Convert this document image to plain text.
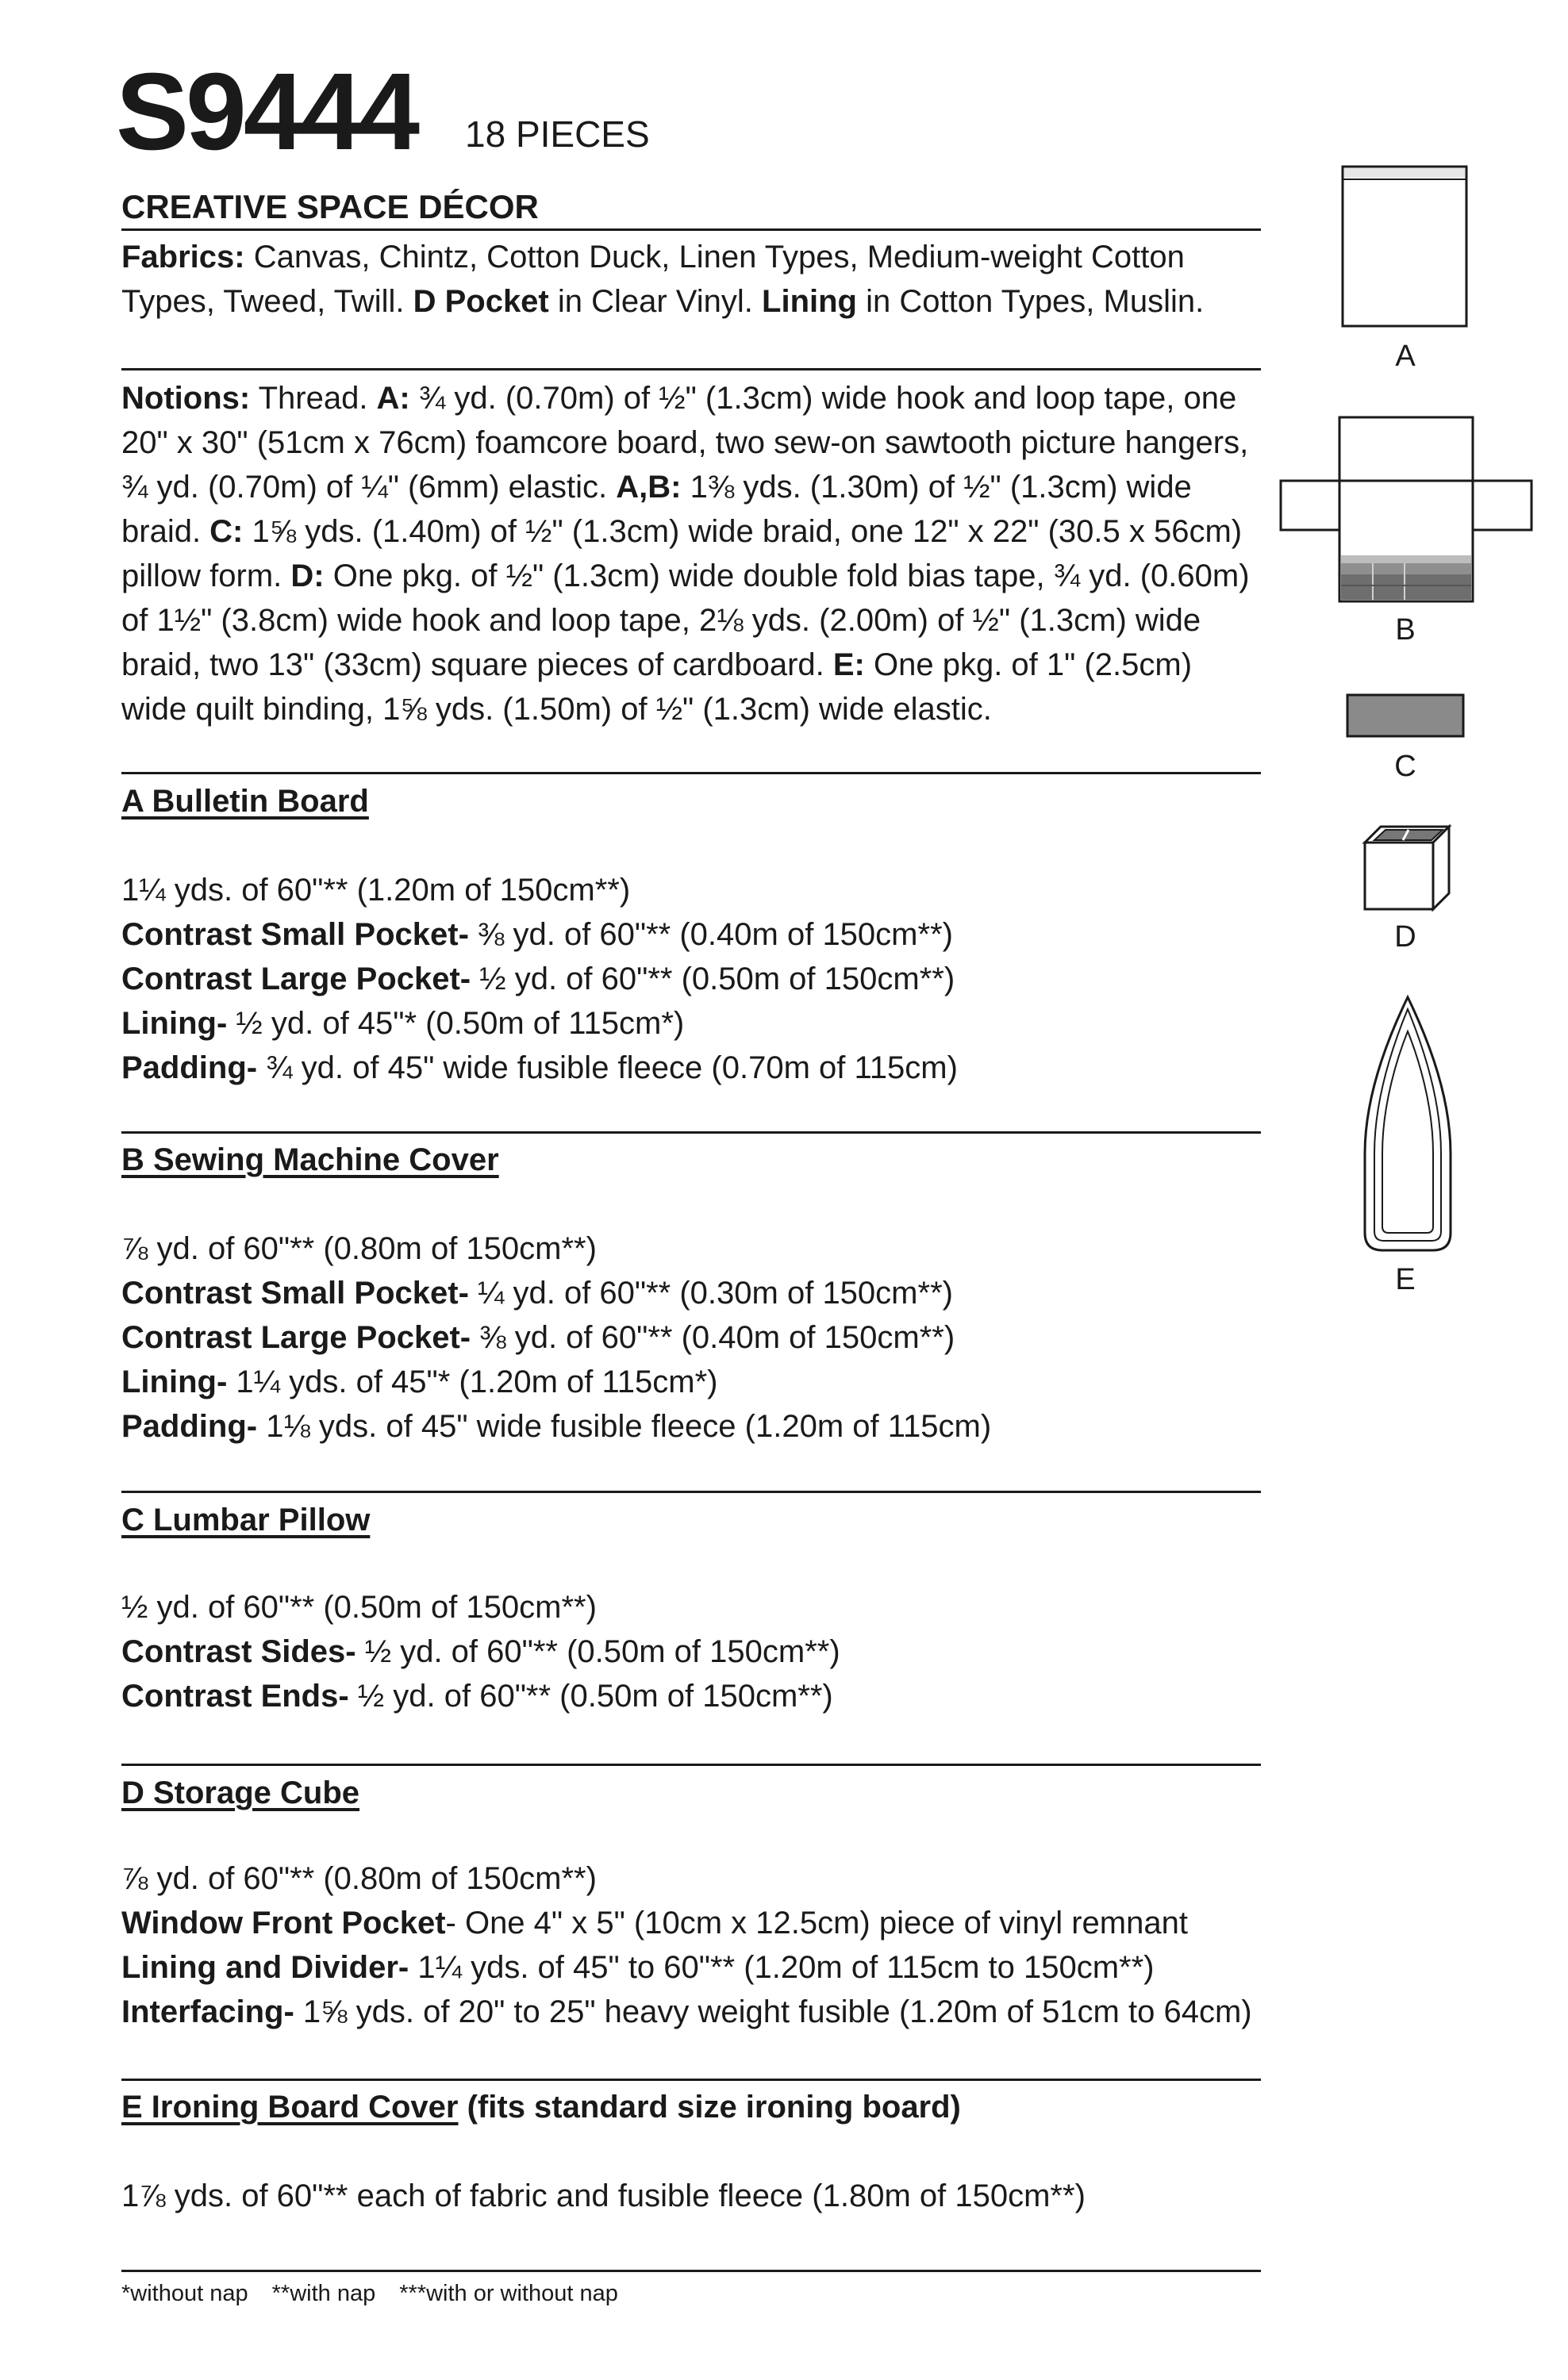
S9444 18 PIECES
CREATIVE SPACE DÉCOR
Fabrics: Canvas, Chintz, Cotton Duck, Linen Types, Medium-weight Cotton Types, Tweed, Twill. D Pocket in Clear Vinyl. Lining in Cotton Types, Muslin.
Notions: Thread. A: ¾ yd. (0.70m) of ½" (1.3cm) wide hook and loop tape, one 20" x 30" (51cm x 76cm) foamcore board, two sew-on sawtooth picture hangers, ¾ yd. (0.70m) of ¼" (6mm) elastic. A,B: 1⅜ yds. (1.30m) of ½" (1.3cm) wide braid. C: 1⅝ yds. (1.40m) of ½" (1.3cm) wide braid, one 12" x 22" (30.5 x 56cm) pillow form. D: One pkg. of ½" (1.3cm) wide double fold bias tape, ¾ yd. (0.60m) of 1½" (3.8cm) wide hook and loop tape, 2⅛ yds. (2.00m) of ½" (1.3cm) wide braid, two 13" (33cm) square pieces of cardboard. E: One pkg. of 1" (2.5cm) wide quilt binding, 1⅝ yds. (1.50m) of ½" (1.3cm) wide elastic.
A Bulletin Board
1¼ yds. of 60"** (1.20m of 150cm**)
Contrast Small Pocket- ⅜ yd. of 60"** (0.40m of 150cm**)
Contrast Large Pocket- ½ yd. of 60"** (0.50m of 150cm**)
Lining- ½ yd. of 45"* (0.50m of 115cm*)
Padding- ¾ yd. of 45" wide fusible fleece (0.70m of 115cm)
B Sewing Machine Cover
⅞ yd. of 60"** (0.80m of 150cm**)
Contrast Small Pocket- ¼ yd. of 60"** (0.30m of 150cm**)
Contrast Large Pocket- ⅜ yd. of 60"** (0.40m of 150cm**)
Lining- 1¼ yds. of 45"* (1.20m of 115cm*)
Padding- 1⅛ yds. of 45" wide fusible fleece (1.20m of 115cm)
C Lumbar Pillow
½ yd. of 60"** (0.50m of 150cm**)
Contrast Sides- ½ yd. of 60"** (0.50m of 150cm**)
Contrast Ends- ½ yd. of 60"** (0.50m of 150cm**)
D Storage Cube
⅞ yd. of 60"** (0.80m of 150cm**)
Window Front Pocket- One 4" x 5" (10cm x 12.5cm) piece of vinyl remnant
Lining and Divider- 1¼ yds. of 45" to 60"** (1.20m of 115cm to 150cm**)
Interfacing- 1⅝ yds. of 20" to 25" heavy weight fusible (1.20m of 51cm to 64cm)
E Ironing Board Cover (fits standard size ironing board)
1⅞ yds. of 60"** each of fabric and fusible fleece (1.80m of 150cm**)
*without nap **with nap ***with or without nap
A
B
C
D
E
